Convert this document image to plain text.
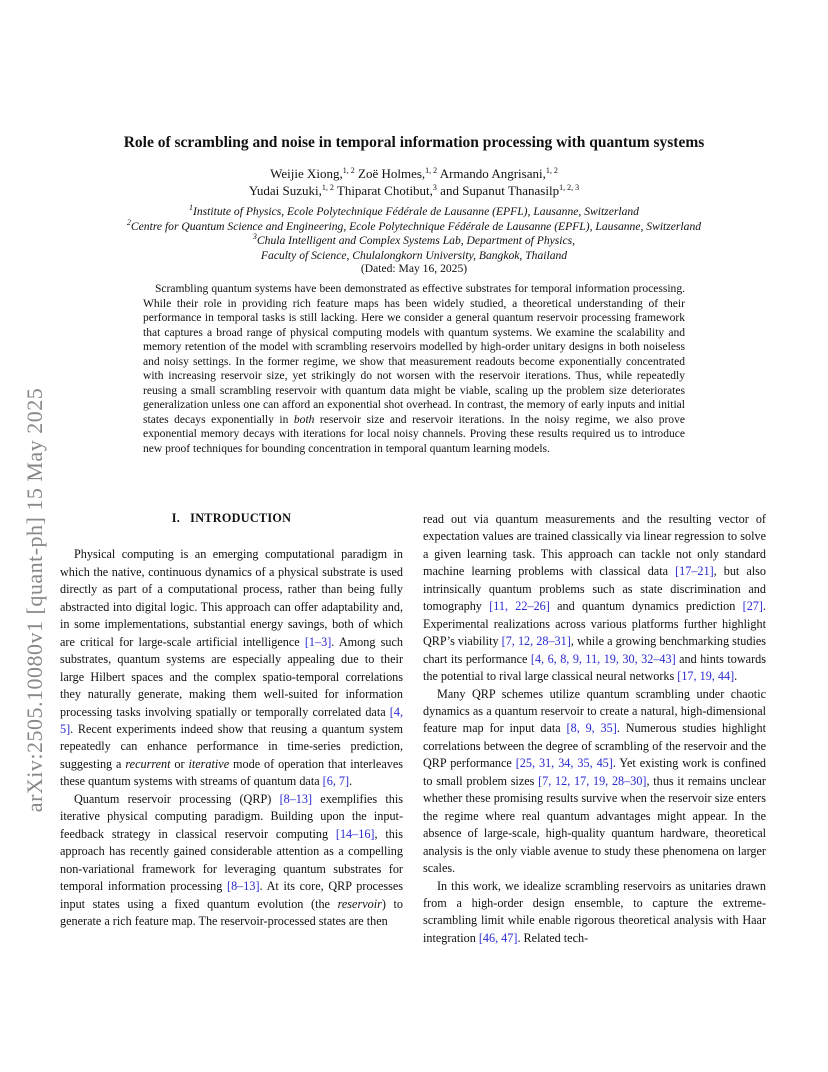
arXiv:2505.10080v1 [quant-ph] 15 May 2025
Role of scrambling and noise in temporal information processing with quantum systems
Weijie Xiong,$^{1, 2}$ Zoë Holmes,$^{1, 2}$ Armando Angrisani,$^{1, 2}$
Yudai Suzuki,$^{1, 2}$ Thiparat Chotibut,$^3$ and Supanut Thanasilp$^{1, 2, 3}$
$^1$Institute of Physics, Ecole Polytechnique Fédérale de Lausanne (EPFL), Lausanne, Switzerland
$^2$Centre for Quantum Science and Engineering, Ecole Polytechnique Fédérale de Lausanne (EPFL), Lausanne, Switzerland
$^3$Chula Intelligent and Complex Systems Lab, Department of Physics,
Faculty of Science, Chulalongkorn University, Bangkok, Thailand
(Dated: May 16, 2025)

Scrambling quantum systems have been demonstrated as effective substrates for temporal information processing. While their role in providing rich feature maps has been widely studied, a theoretical understanding of their performance in temporal tasks is still lacking. Here we consider a general quantum reservoir processing framework that captures a broad range of physical computing models with quantum systems. We examine the scalability and memory retention of the model with scrambling reservoirs modelled by high-order unitary designs in both noiseless and noisy settings. In the former regime, we show that measurement readouts become exponentially concentrated with increasing reservoir size, yet strikingly do not worsen with the reservoir iterations. Thus, while repeatedly reusing a small scrambling reservoir with quantum data might be viable, scaling up the problem size deteriorates generalization unless one can afford an exponential shot overhead. In contrast, the memory of early inputs and initial states decays exponentially in both reservoir size and reservoir iterations. In the noisy regime, we also prove exponential memory decays with iterations for local noisy channels. Proving these results required us to introduce new proof techniques for bounding concentration in temporal quantum learning models.

I. INTRODUCTION

Physical computing is an emerging computational paradigm in which the native, continuous dynamics of a physical substrate is used directly as part of a computational process, rather than being fully abstracted into digital logic. This approach can offer adaptability and, in some implementations, substantial energy savings, both of which are critical for large-scale artificial intelligence [1–3]. Among such substrates, quantum systems are especially appealing due to their large Hilbert spaces and the complex spatio-temporal correlations they naturally generate, making them well-suited for information processing tasks involving spatially or temporally correlated data [4, 5]. Recent experiments indeed show that reusing a quantum system repeatedly can enhance performance in time-series prediction, suggesting a recurrent or iterative mode of operation that interleaves these quantum systems with streams of quantum data [6, 7].

Quantum reservoir processing (QRP) [8–13] exemplifies this iterative physical computing paradigm. Building upon the input-feedback strategy in classical reservoir computing [14–16], this approach has recently gained considerable attention as a compelling non-variational framework for leveraging quantum substrates for temporal information processing [8–13]. At its core, QRP processes input states using a fixed quantum evolution (the reservoir) to generate a rich feature map. The reservoir-processed states are then

read out via quantum measurements and the resulting vector of expectation values are trained classically via linear regression to solve a given learning task. This approach can tackle not only standard machine learning problems with classical data [17–21], but also intrinsically quantum problems such as state discrimination and tomography [11, 22–26] and quantum dynamics prediction [27]. Experimental realizations across various platforms further highlight QRP’s viability [7, 12, 28–31], while a growing benchmarking studies chart its performance [4, 6, 8, 9, 11, 19, 30, 32–43] and hints towards the potential to rival large classical neural networks [17, 19, 44].

Many QRP schemes utilize quantum scrambling under chaotic dynamics as a quantum reservoir to create a natural, high-dimensional feature map for input data [8, 9, 35]. Numerous studies highlight correlations between the degree of scrambling of the reservoir and the QRP performance [25, 31, 34, 35, 45]. Yet existing work is confined to small problem sizes [7, 12, 17, 19, 28–30], thus it remains unclear whether these promising results survive when the reservoir size enters the regime where real quantum advantages might appear. In the absence of large-scale, high-quality quantum hardware, theoretical analysis is the only viable avenue to study these phenomena on larger scales.

In this work, we idealize scrambling reservoirs as unitaries drawn from a high-order design ensemble, to capture the extreme-scrambling limit while enable rigorous theoretical analysis with Haar integration [46, 47]. Related tech-
